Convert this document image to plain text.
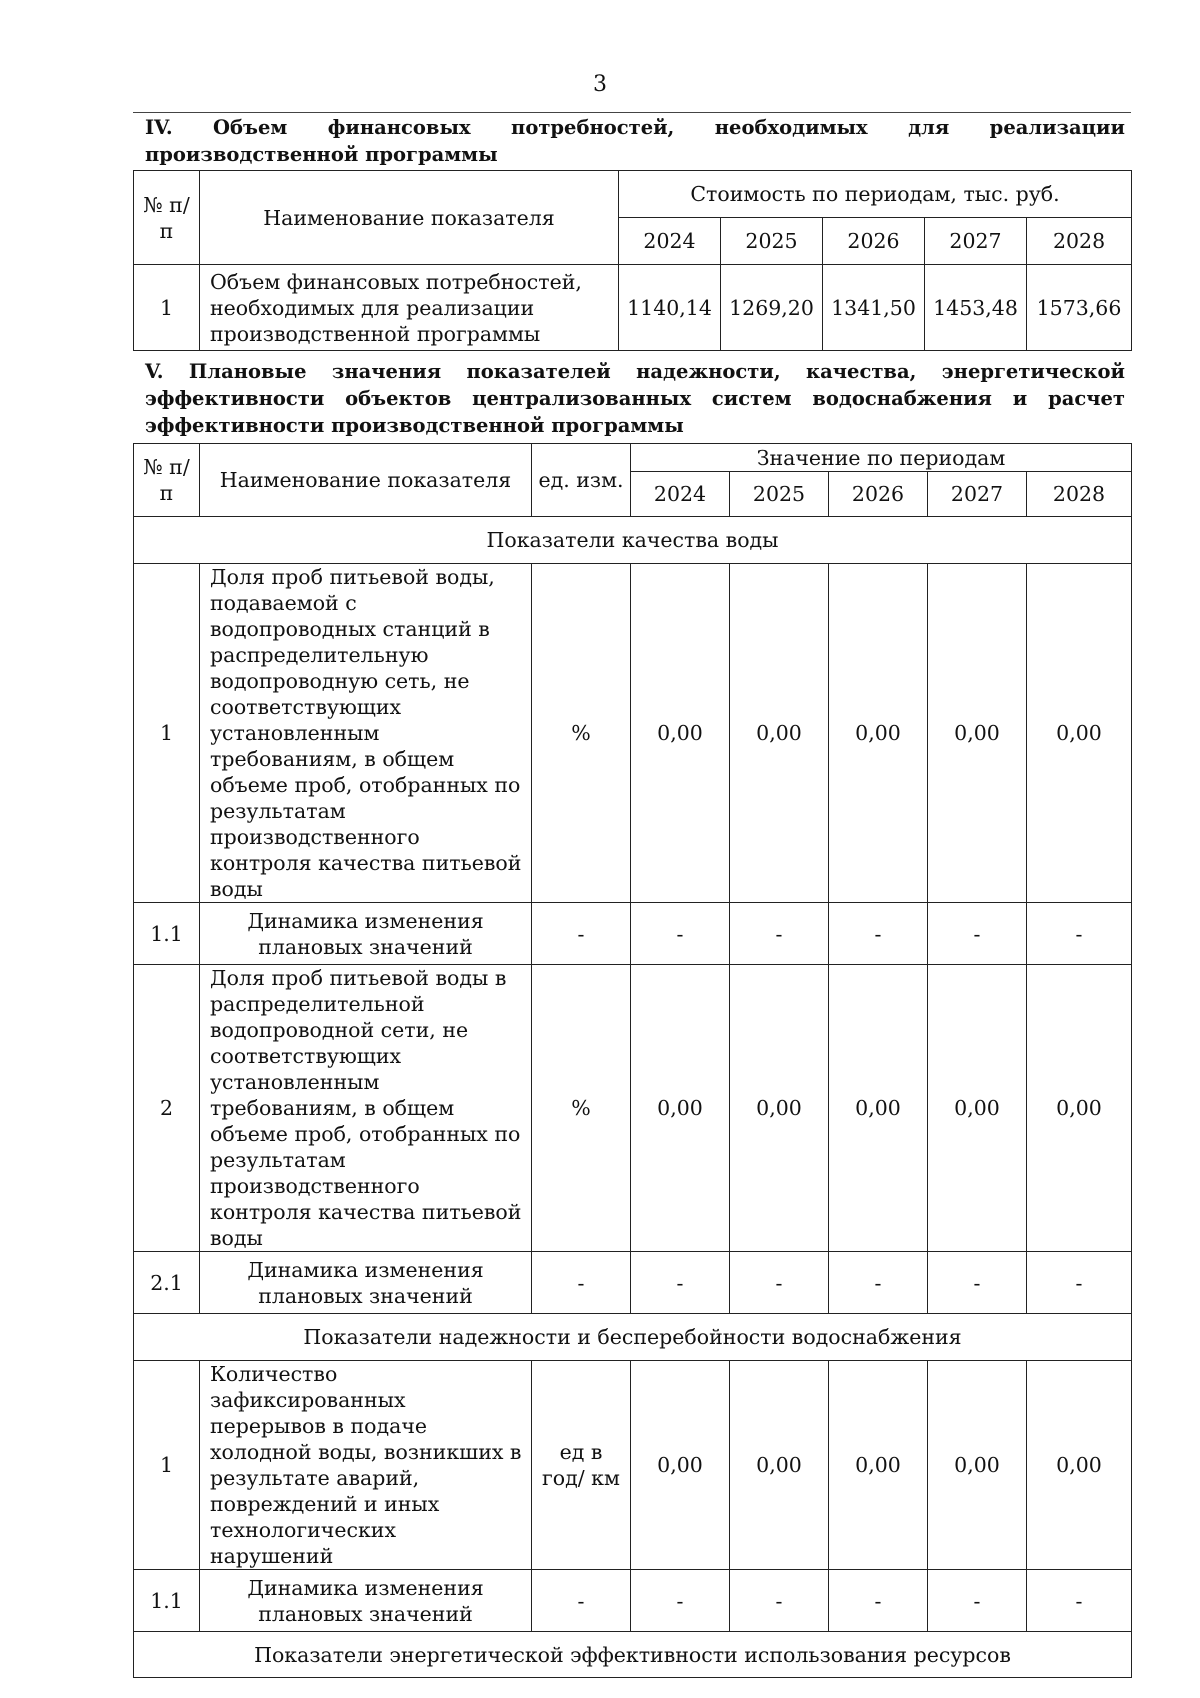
3
IV. Объем финансовых потребностей, необходимых для реализации производственной программы
№ п/п	Наименование показателя	Стоимость по периодам, тыс. руб.				
		2024	2025	2026	2027	2028
1	Объем финансовых потребностей, необходимых для реализации производственной программы	1140,14	1269,20	1341,50	1453,48	1573,66
V. Плановые значения показателей надежности, качества, энергетической эффективности объектов централизованных систем водоснабжения и расчет эффективности производственной программы
№ п/п	Наименование показателя	ед. изм.	Значение по периодам				
			2024	2025	2026	2027	2028
Показатели качества воды							
1	Доля проб питьевой воды, подаваемой с водопроводных станций в распределительную водопроводную сеть, не соответствующих установленным требованиям, в общем объеме проб, отобранных по результатам производственного контроля качества питьевой воды	%	0,00	0,00	0,00	0,00	0,00
1.1	Динамика изменения плановых значений	-	-	-	-	-	-
2	Доля проб питьевой воды в распределительной водопроводной сети, не соответствующих установленным требованиям, в общем объеме проб, отобранных по результатам производственного контроля качества питьевой воды	%	0,00	0,00	0,00	0,00	0,00
2.1	Динамика изменения плановых значений	-	-	-	-	-	-
Показатели надежности и бесперебойности водоснабжения							
1	Количество зафиксированных перерывов в подаче холодной воды, возникших в результате аварий, повреждений и иных технологических нарушений	ед в год/ км	0,00	0,00	0,00	0,00	0,00
1.1	Динамика изменения плановых значений	-	-	-	-	-	-
Показатели энергетической эффективности использования ресурсов							
